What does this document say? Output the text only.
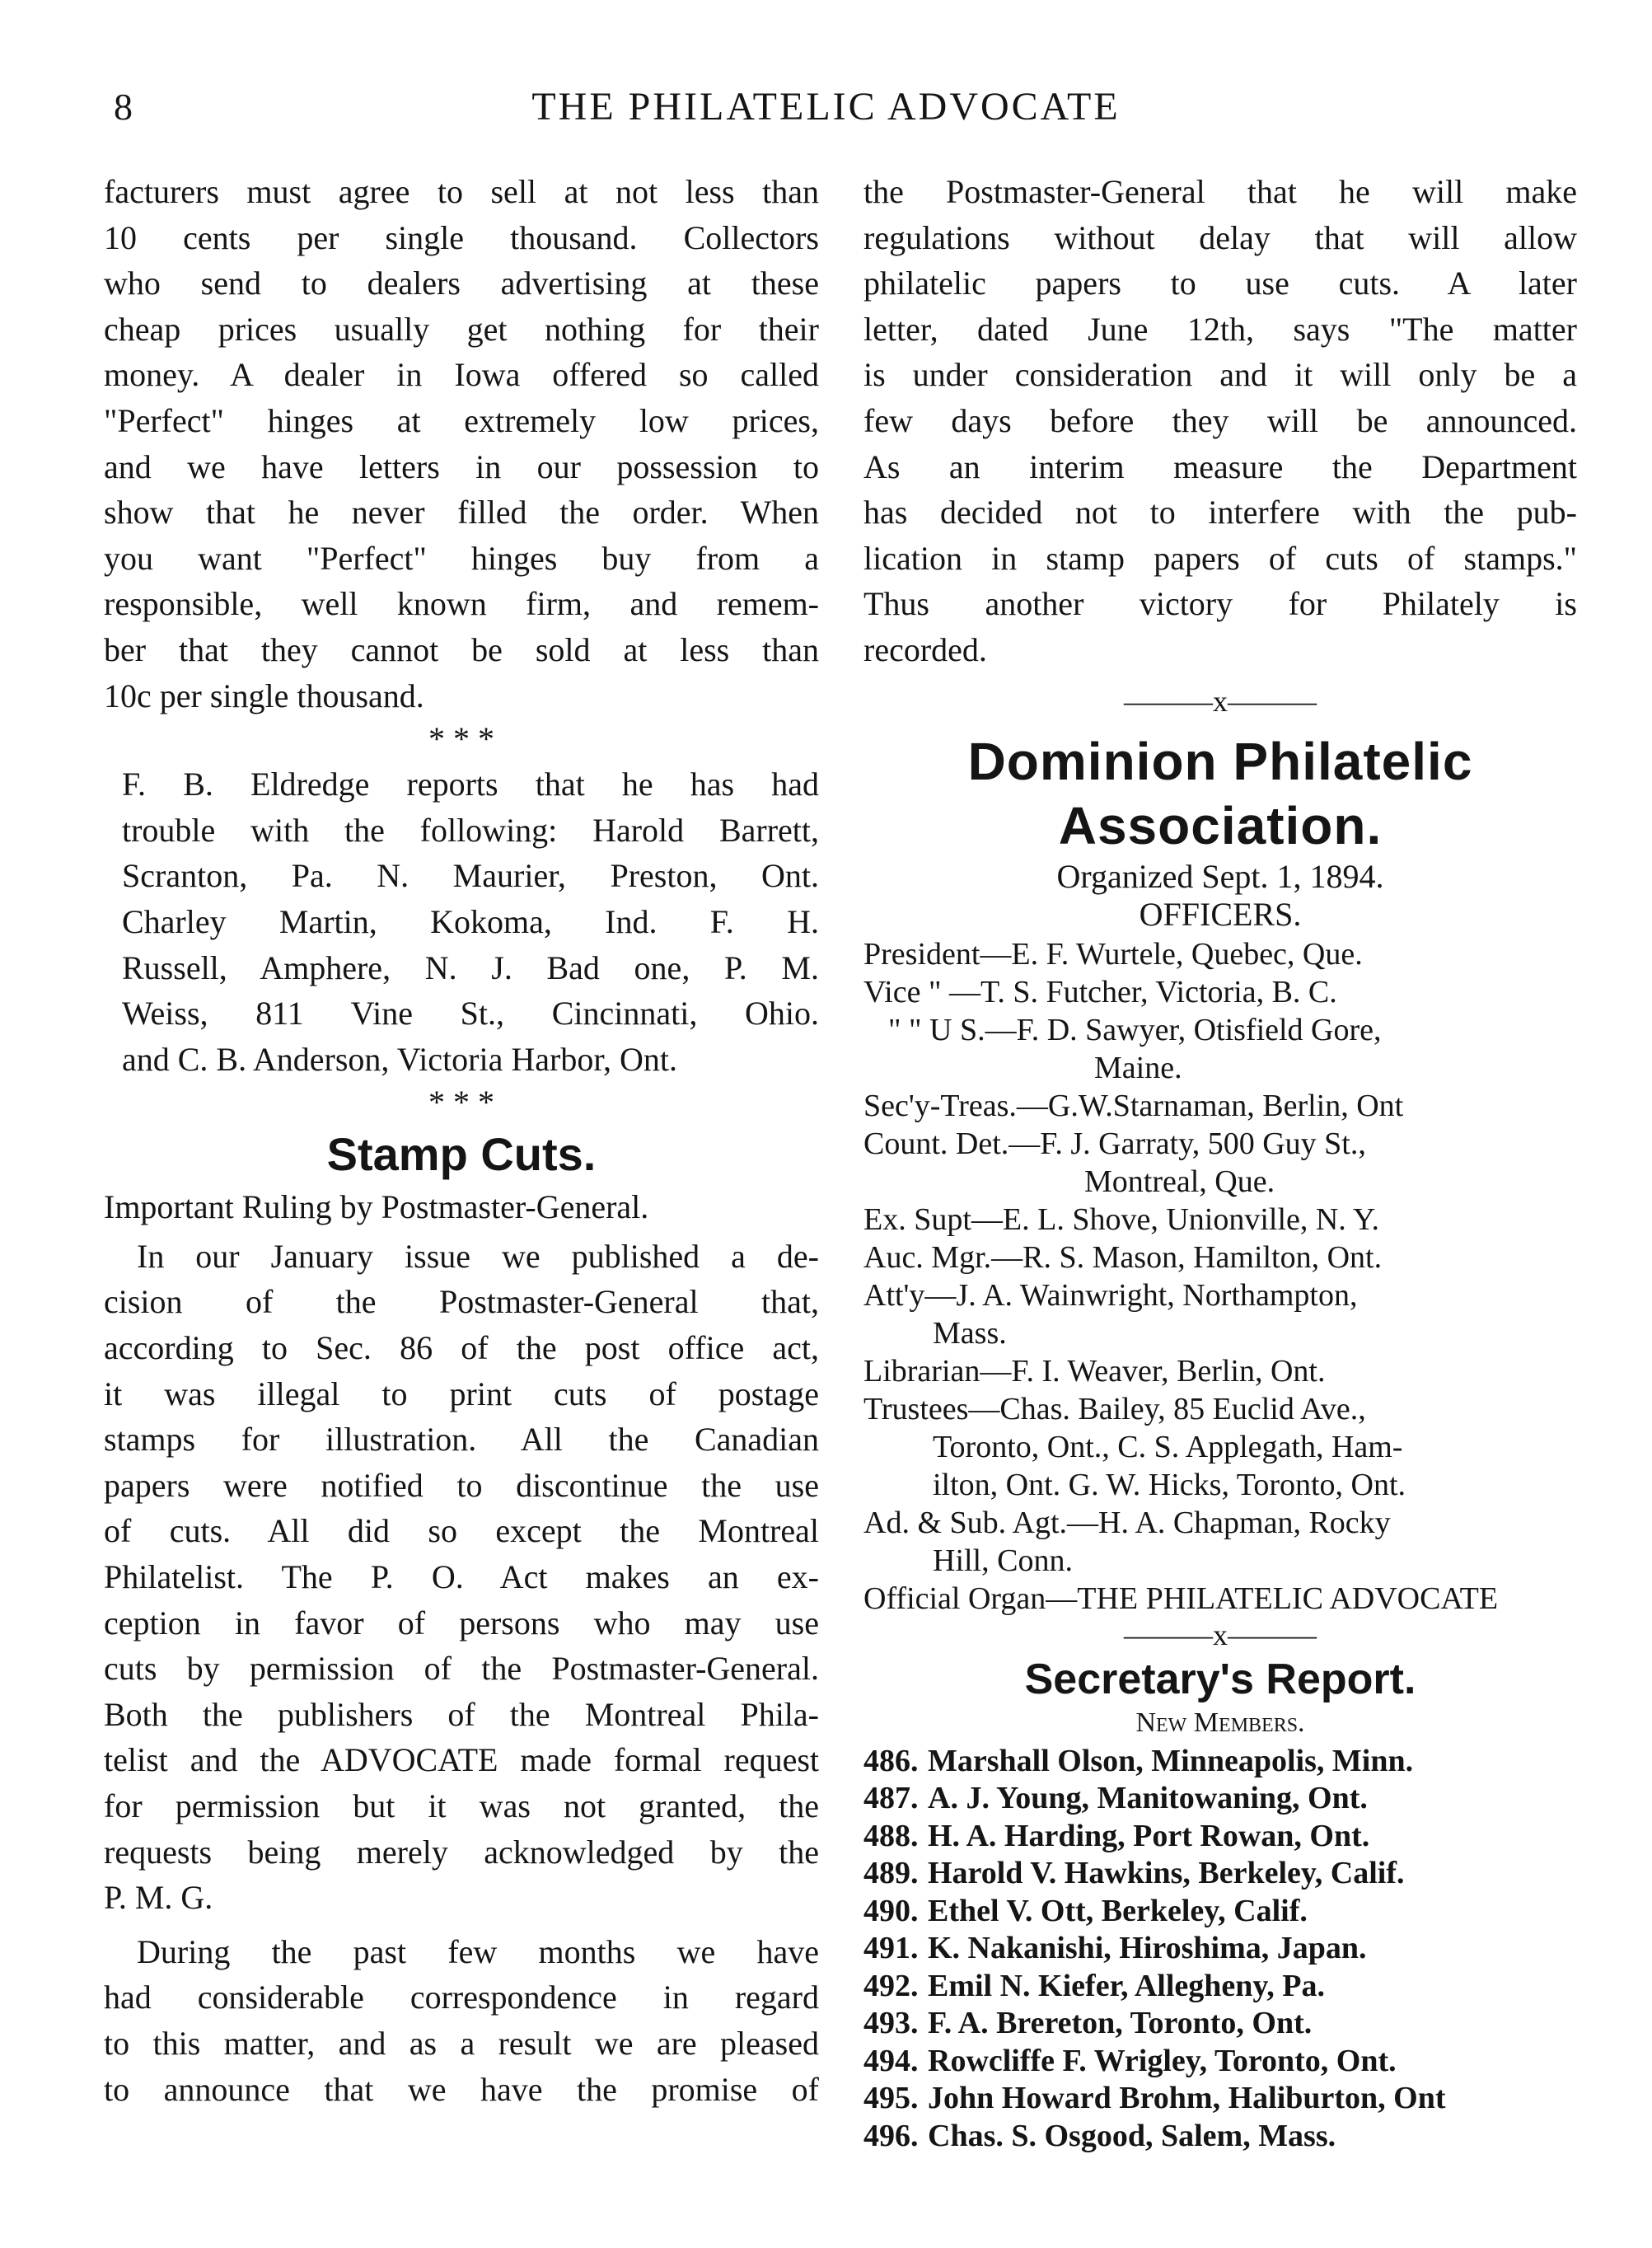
THE PHILATELIC ADVOCATE
8
facturers must agree to sell at not less than
10 cents per single thousand. Collectors
who send to dealers advertising at these
cheap prices usually get nothing for their
money. A dealer in Iowa offered so called
"Perfect" hinges at extremely low prices,
and we have letters in our possession to
show that he never filled the order. When
you want "Perfect" hinges buy from a
responsible, well known firm, and remem-
ber that they cannot be sold at less than
10c per single thousand.
* * *
F. B. Eldredge reports that he has had
trouble with the following: Harold Barrett,
Scranton, Pa. N. Maurier, Preston, Ont.
Charley Martin, Kokoma, Ind. F. H.
Russell, Amphere, N. J. Bad one, P. M.
Weiss, 811 Vine St., Cincinnati, Ohio.
and C. B. Anderson, Victoria Harbor, Ont.
* * *
Stamp Cuts.
Important Ruling by Postmaster-General.
In our January issue we published a de-
cision of the Postmaster-General that,
according to Sec. 86 of the post office act,
it was illegal to print cuts of postage
stamps for illustration. All the Canadian
papers were notified to discontinue the use
of cuts. All did so except the Montreal
Philatelist. The P. O. Act makes an ex-
ception in favor of persons who may use
cuts by permission of the Postmaster-General.
Both the publishers of the Montreal Phila-
telist and the ADVOCATE made formal request
for permission but it was not granted, the
requests being merely acknowledged by the
P. M. G.
During the past few months we have
had considerable correspondence in regard
to this matter, and as a result we are pleased
to announce that we have the promise of
the Postmaster-General that he will make
regulations without delay that will allow
philatelic papers to use cuts. A later
letter, dated June 12th, says "The matter
is under consideration and it will only be a
few days before they will be announced.
As an interim measure the Department
has decided not to interfere with the pub-
lication in stamp papers of cuts of stamps."
Thus another victory for Philately is
recorded.
———x———
Dominion Philatelic
Association.
Organized Sept. 1, 1894.
OFFICERS.
President—E. F. Wurtele, Quebec, Que.
Vice " —T. S. Futcher, Victoria, B. C.
" " U S.—F. D. Sawyer, Otisfield Gore,
Maine.
Sec'y-Treas.—G.W.Starnaman, Berlin, Ont
Count. Det.—F. J. Garraty, 500 Guy St.,
Montreal, Que.
Ex. Supt—E. L. Shove, Unionville, N. Y.
Auc. Mgr.—R. S. Mason, Hamilton, Ont.
Att'y—J. A. Wainwright, Northampton,
Mass.
Librarian—F. I. Weaver, Berlin, Ont.
Trustees—Chas. Bailey, 85 Euclid Ave.,
Toronto, Ont., C. S. Applegath, Ham-
ilton, Ont. G. W. Hicks, Toronto, Ont.
Ad. & Sub. Agt.—H. A. Chapman, Rocky
Hill, Conn.
Official Organ—THE PHILATELIC ADVOCATE
———x———
Secretary's Report.
New Members.
486. Marshall Olson, Minneapolis, Minn.
487. A. J. Young, Manitowaning, Ont.
488. H. A. Harding, Port Rowan, Ont.
489. Harold V. Hawkins, Berkeley, Calif.
490. Ethel V. Ott, Berkeley, Calif.
491. K. Nakanishi, Hiroshima, Japan.
492. Emil N. Kiefer, Allegheny, Pa.
493. F. A. Brereton, Toronto, Ont.
494. Rowcliffe F. Wrigley, Toronto, Ont.
495. John Howard Brohm, Haliburton, Ont
496. Chas. S. Osgood, Salem, Mass.
